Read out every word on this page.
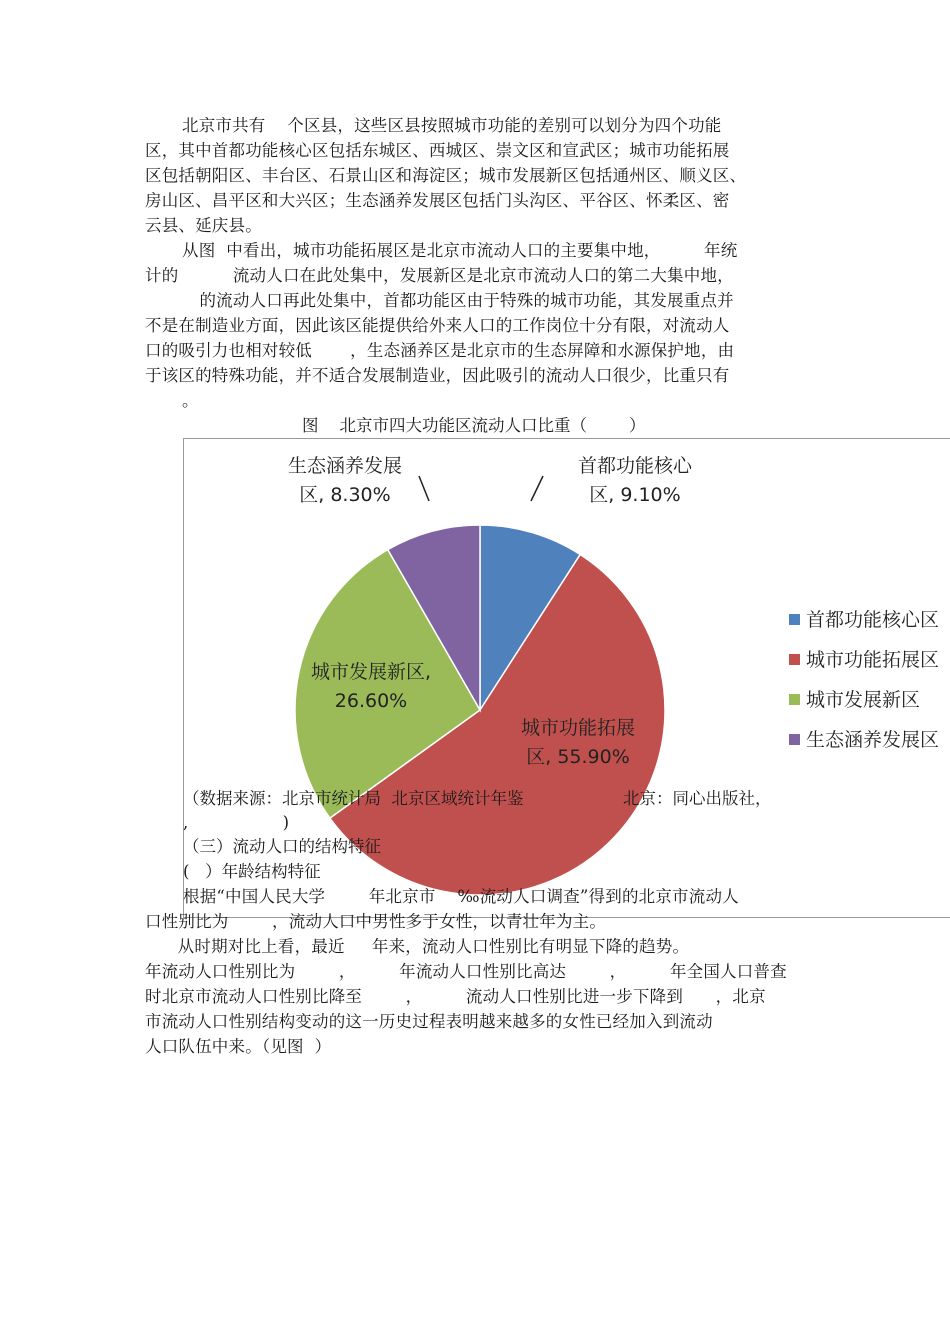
北京市共有    个区县，这些区县按照城市功能的差别可以划分为四个功能
区，其中首都功能核心区包括东城区、西城区、崇文区和宣武区；城市功能拓展
区包括朝阳区、丰台区、石景山区和海淀区；城市发展新区包括通州区、顺义区、
房山区、昌平区和大兴区；生态涵养发展区包括门头沟区、平谷区、怀柔区、密
云县、延庆县。
从图  中看出，城市功能拓展区是北京市流动人口的主要集中地，        年统
计的          流动人口在此处集中，发展新区是北京市流动人口的第二大集中地，
的流动人口再此处集中，首都功能区由于特殊的城市功能，其发展重点并
不是在制造业方面，因此该区能提供给外来人口的工作岗位十分有限，对流动人
口的吸引力也相对较低       ，生态涵养区是北京市的生态屏障和水源保护地，由
于该区的特殊功能，并不适合发展制造业，因此吸引的流动人口很少，比重只有
。
图    北京市四大功能区流动人口比重（        ）
首都功能核心区, 9.10%
城市功能拓展区, 55.90%
城市发展新区, 26.60%
生态涵养发展区, 8.30%
首都功能核心区
城市功能拓展区
城市发展新区
生态涵养发展区
（数据来源：北京市统计局  北京区域统计年鉴	北京：同心出版社，
,                  )
（三）流动人口的结构特征
(   ）年龄结构特征
根据“中国人民大学        年北京市    ‰流动人口调查”得到的北京市流动人
口性别比为        ，流动人口中男性多于女性，以青壮年为主。
从时期对比上看，最近     年来，流动人口性别比有明显下降的趋势。
年流动人口性别比为        ，        年流动人口性别比高达        ，        年全国人口普查
时北京市流动人口性别比降至        ，        流动人口性别比进一步下降到      ，北京
市流动人口性别结构变动的这一历史过程表明越来越多的女性已经加入到流动
人口队伍中来。（见图  ）
